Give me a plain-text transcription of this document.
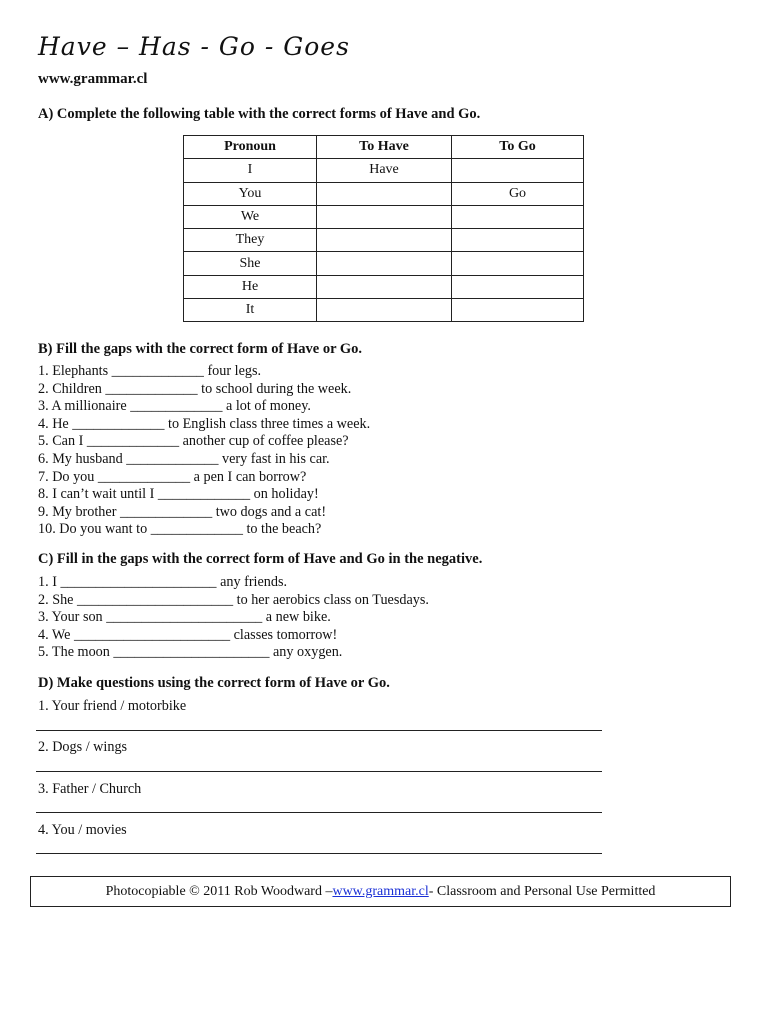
Have – Has - Go - Goes
www.grammar.cl
A) Complete the following table with the correct forms of Have and Go.
Pronoun	To Have	To Go
I	Have	
You		Go
We		
They		
She		
He		
It		
B) Fill the gaps with the correct form of Have or Go.
1. Elephants _____________ four legs.
2. Children _____________ to school during the week.
3. A millionaire _____________ a lot of money.
4. He _____________ to English class three times a week.
5. Can I _____________ another cup of coffee please?
6. My husband _____________ very fast in his car.
7. Do you _____________ a pen I can borrow?
8. I can’t wait until I _____________ on holiday!
9. My brother _____________ two dogs and a cat!
10. Do you want to _____________ to the beach?
C) Fill in the gaps with the correct form of Have and Go in the negative.
1. I ______________________ any friends.
2. She ______________________ to her aerobics class on Tuesdays.
3. Your son ______________________ a new bike.
4. We ______________________ classes tomorrow!
5. The moon ______________________ any oxygen.
D) Make questions using the correct form of Have or Go.
1. Your friend / motorbike
2. Dogs / wings
3. Father / Church
4. You / movies
Photocopiable © 2011 Rob Woodward – www.grammar.cl - Classroom and Personal Use Permitted
